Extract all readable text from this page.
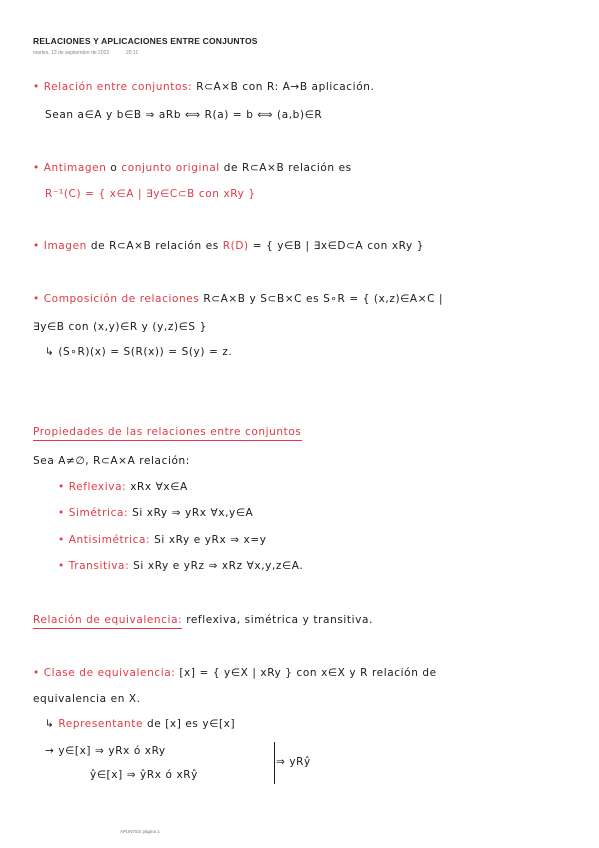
RELACIONES Y APLICACIONES ENTRE CONJUNTOS
martes, 13 de septiembre de 2022	20:11
• Relación entre conjuntos: R⊂A×B con R: A→B aplicación.
Sean a∈A y b∈B ⇒ aRb ⟺ R(a) = b ⟺ (a,b)∈R
• Antimagen o conjunto original de R⊂A×B relación es
R⁻¹(C) = { x∈A | ∃y∈C⊂B con xRy }
• Imagen de R⊂A×B relación es R(D) = { y∈B | ∃x∈D⊂A con xRy }
• Composición de relaciones R⊂A×B y S⊂B×C es S∘R = { (x,z)∈A×C |
∃y∈B con (x,y)∈R y (y,z)∈S }
↳ (S∘R)(x) = S(R(x)) = S(y) = z.
Propiedades de las relaciones entre conjuntos
Sea A≠∅, R⊂A×A relación:
• Reflexiva: xRx ∀x∈A
• Simétrica: Si xRy ⇒ yRx ∀x,y∈A
• Antisimétrica: Si xRy e yRx ⇒ x=y
• Transitiva: Si xRy e yRz ⇒ xRz ∀x,y,z∈A.
Relación de equivalencia: reflexiva, simétrica y transitiva.
• Clase de equivalencia: [x] = { y∈X | xRy } con x∈X y R relación de
equivalencia en X.
↳ Representante de [x] es y∈[x]
→ y∈[x] ⇒ yRx ó xRy
ŷ∈[x] ⇒ ŷRx ó xRŷ
⇒ yRŷ
APUNTES página 1
